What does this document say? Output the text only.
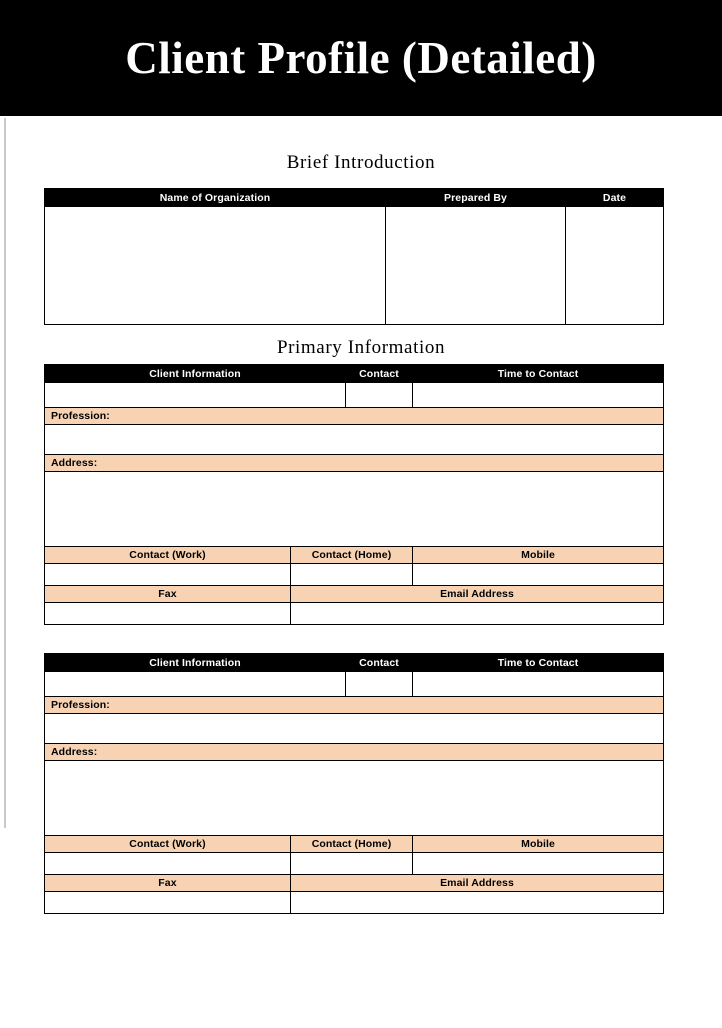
Client Profile (Detailed)
Brief Introduction
Name of Organization	Prepared By	Date

Primary Information
Client Information		Contact	Time to Contact

Profession:			

Address:			

Contact (Work)	Contact (Home)		Mobile

Fax	Email Address		

Client Information		Contact	Time to Contact

Profession:			

Address:			

Contact (Work)	Contact (Home)		Mobile

Fax	Email Address		
